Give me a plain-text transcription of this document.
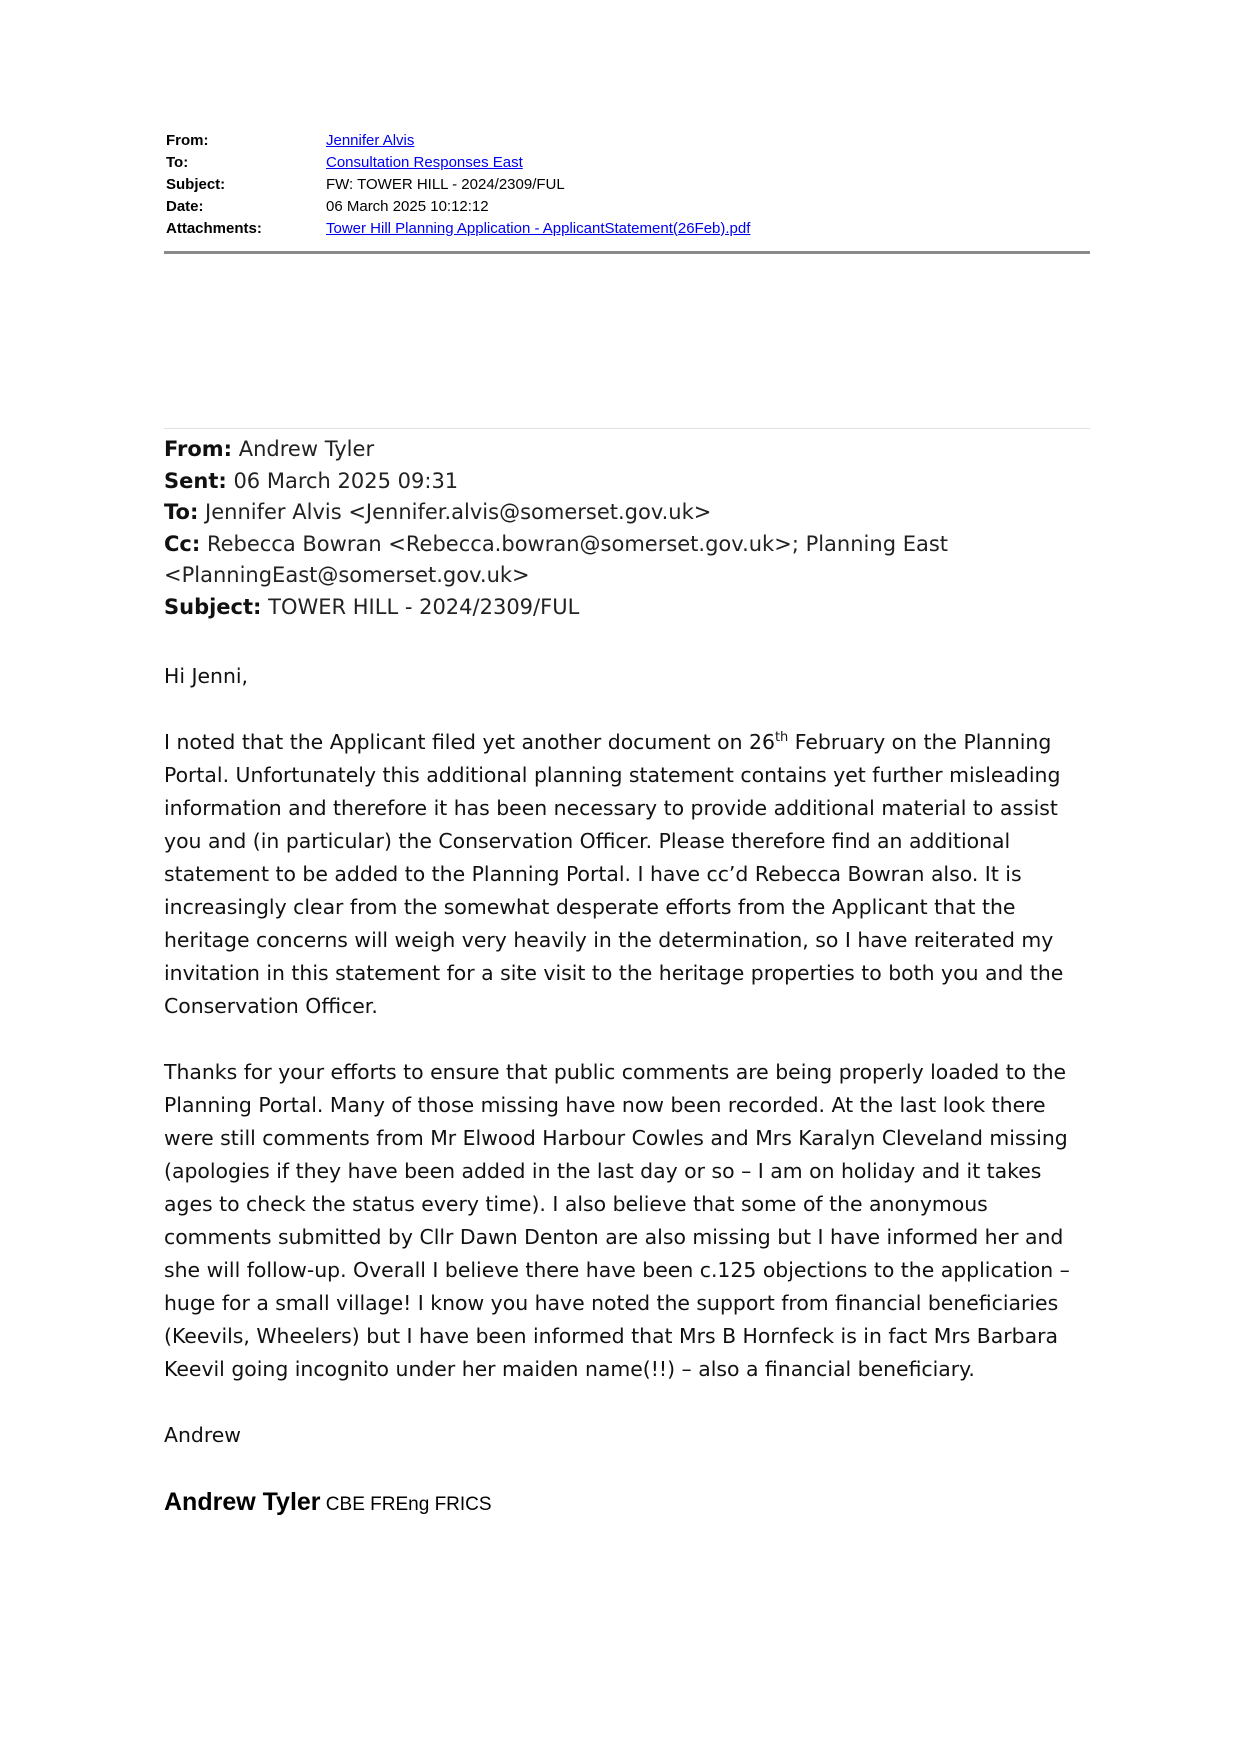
From:	Jennifer Alvis
To:	Consultation Responses East
Subject:	FW: TOWER HILL - 2024/2309/FUL
Date:	06 March 2025 10:12:12
Attachments:	Tower Hill Planning Application - ApplicantStatement(26Feb).pdf
From: Andrew Tyler
Sent: 06 March 2025 09:31
To: Jennifer Alvis <Jennifer.alvis@somerset.gov.uk>
Cc: Rebecca Bowran <Rebecca.bowran@somerset.gov.uk>; Planning East <PlanningEast@somerset.gov.uk>
Subject: TOWER HILL - 2024/2309/FUL

Hi Jenni,

I noted that the Applicant filed yet another document on 26th February on the Planning Portal. Unfortunately this additional planning statement contains yet further misleading information and therefore it has been necessary to provide additional material to assist you and (in particular) the Conservation Officer. Please therefore find an additional statement to be added to the Planning Portal. I have cc’d Rebecca Bowran also. It is increasingly clear from the somewhat desperate efforts from the Applicant that the heritage concerns will weigh very heavily in the determination, so I have reiterated my invitation in this statement for a site visit to the heritage properties to both you and the Conservation Officer.

Thanks for your efforts to ensure that public comments are being properly loaded to the Planning Portal. Many of those missing have now been recorded. At the last look there were still comments from Mr Elwood Harbour Cowles and Mrs Karalyn Cleveland missing (apologies if they have been added in the last day or so – I am on holiday and it takes ages to check the status every time). I also believe that some of the anonymous comments submitted by Cllr Dawn Denton are also missing but I have informed her and she will follow-up. Overall I believe there have been c.125 objections to the application – huge for a small village! I know you have noted the support from financial beneficiaries (Keevils, Wheelers) but I have been informed that Mrs B Hornfeck is in fact Mrs Barbara Keevil going incognito under her maiden name(!!) – also a financial beneficiary.

Andrew

Andrew Tyler CBE FREng FRICS
